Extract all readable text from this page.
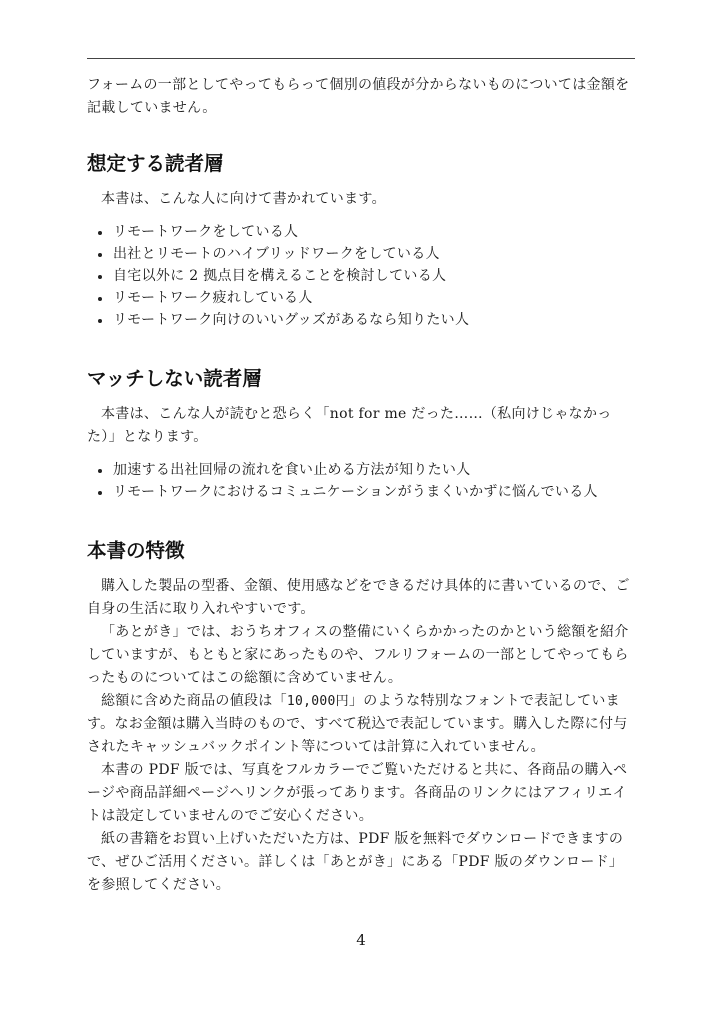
フォームの一部としてやってもらって個別の値段が分からないものについては金額を記載していません。

想定する読者層

本書は、こんな人に向けて書かれています。

リモートワークをしている人
出社とリモートのハイブリッドワークをしている人
自宅以外に 2 拠点目を構えることを検討している人
リモートワーク疲れしている人
リモートワーク向けのいいグッズがあるなら知りたい人
マッチしない読者層

本書は、こんな人が読むと恐らく「not for me だった……（私向けじゃなかった）」となります。

加速する出社回帰の流れを食い止める方法が知りたい人
リモートワークにおけるコミュニケーションがうまくいかずに悩んでいる人
本書の特徴

購入した製品の型番、金額、使用感などをできるだけ具体的に書いているので、ご自身の生活に取り入れやすいです。

「あとがき」では、おうちオフィスの整備にいくらかかったのかという総額を紹介していますが、もともと家にあったものや、フルリフォームの一部としてやってもらったものについてはこの総額に含めていません。

総額に含めた商品の値段は「10,000円」のような特別なフォントで表記しています。なお金額は購入当時のもので、すべて税込で表記しています。購入した際に付与されたキャッシュバックポイント等については計算に入れていません。

本書の PDF 版では、写真をフルカラーでご覧いただけると共に、各商品の購入ページや商品詳細ページへリンクが張ってあります。各商品のリンクにはアフィリエイトは設定していませんのでご安心ください。

紙の書籍をお買い上げいただいた方は、PDF 版を無料でダウンロードできますので、ぜひご活用ください。詳しくは「あとがき」にある「PDF 版のダウンロード」を参照してください。

4
